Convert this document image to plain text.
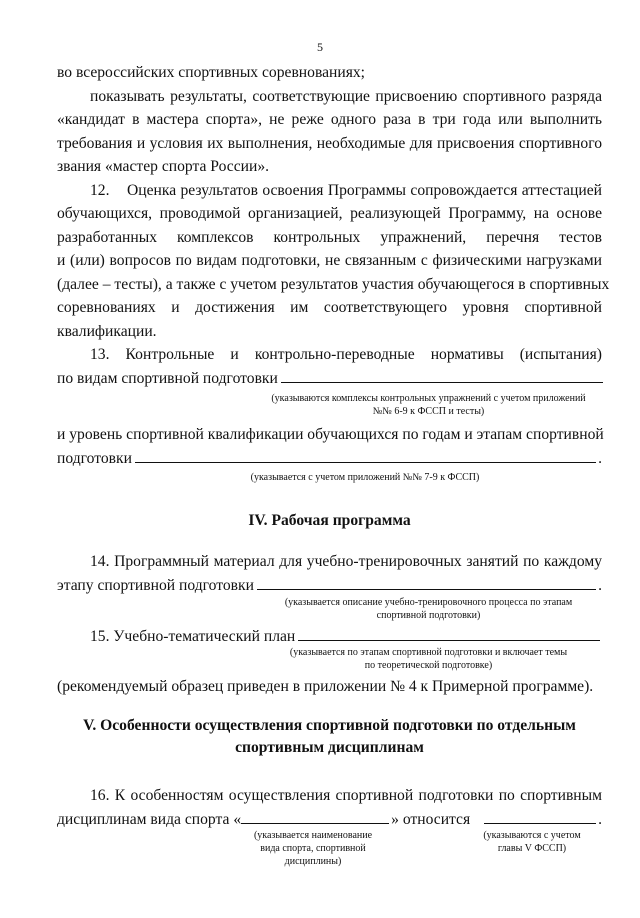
5
во всероссийских спортивных соревнованиях;
показывать результаты, соответствующие присвоению спортивного разряда
«кандидат в мастера спорта», не реже одного раза в три года или выполнить
требования и условия их выполнения, необходимые для присвоения спортивного
звания «мастер спорта России».
12.    Оценка результатов освоения Программы сопровождается аттестацией
обучающихся, проводимой организацией, реализующей Программу, на основе
разработанных комплексов контрольных упражнений, перечня тестов
и (или) вопросов по видам подготовки, не связанным с физическими нагрузками
(далее – тесты), а также с учетом результатов участия обучающегося в спортивных
соревнованиях и достижения им соответствующего уровня спортивной
квалификации.
13. Контрольные и контрольно-переводные нормативы (испытания)
по видам спортивной подготовки
(указываются комплексы контрольных упражнений с учетом приложений
№№ 6-9 к ФССП и тесты)
и уровень спортивной квалификации обучающихся по годам и этапам спортивной
подготовки	.
(указывается с учетом приложений №№ 7-9 к ФССП)
IV. Рабочая программа
14. Программный материал для учебно-тренировочных занятий по каждому
этапу спортивной подготовки	.
(указывается описание учебно-тренировочного процесса по этапам
спортивной подготовки)
15. Учебно-тематический план
(указывается по этапам спортивной подготовки и включает темы
по теоретической подготовке)
(рекомендуемый образец приведен в приложении № 4 к Примерной программе).
V. Особенности осуществления спортивной подготовки по отдельным
спортивным дисциплинам
16. К особенностям осуществления спортивной подготовки по спортивным
дисциплинам вида спорта «	» относится	.
(указывается наименование
вида спорта, спортивной
дисциплины)
(указываются с учетом
главы V ФССП)
